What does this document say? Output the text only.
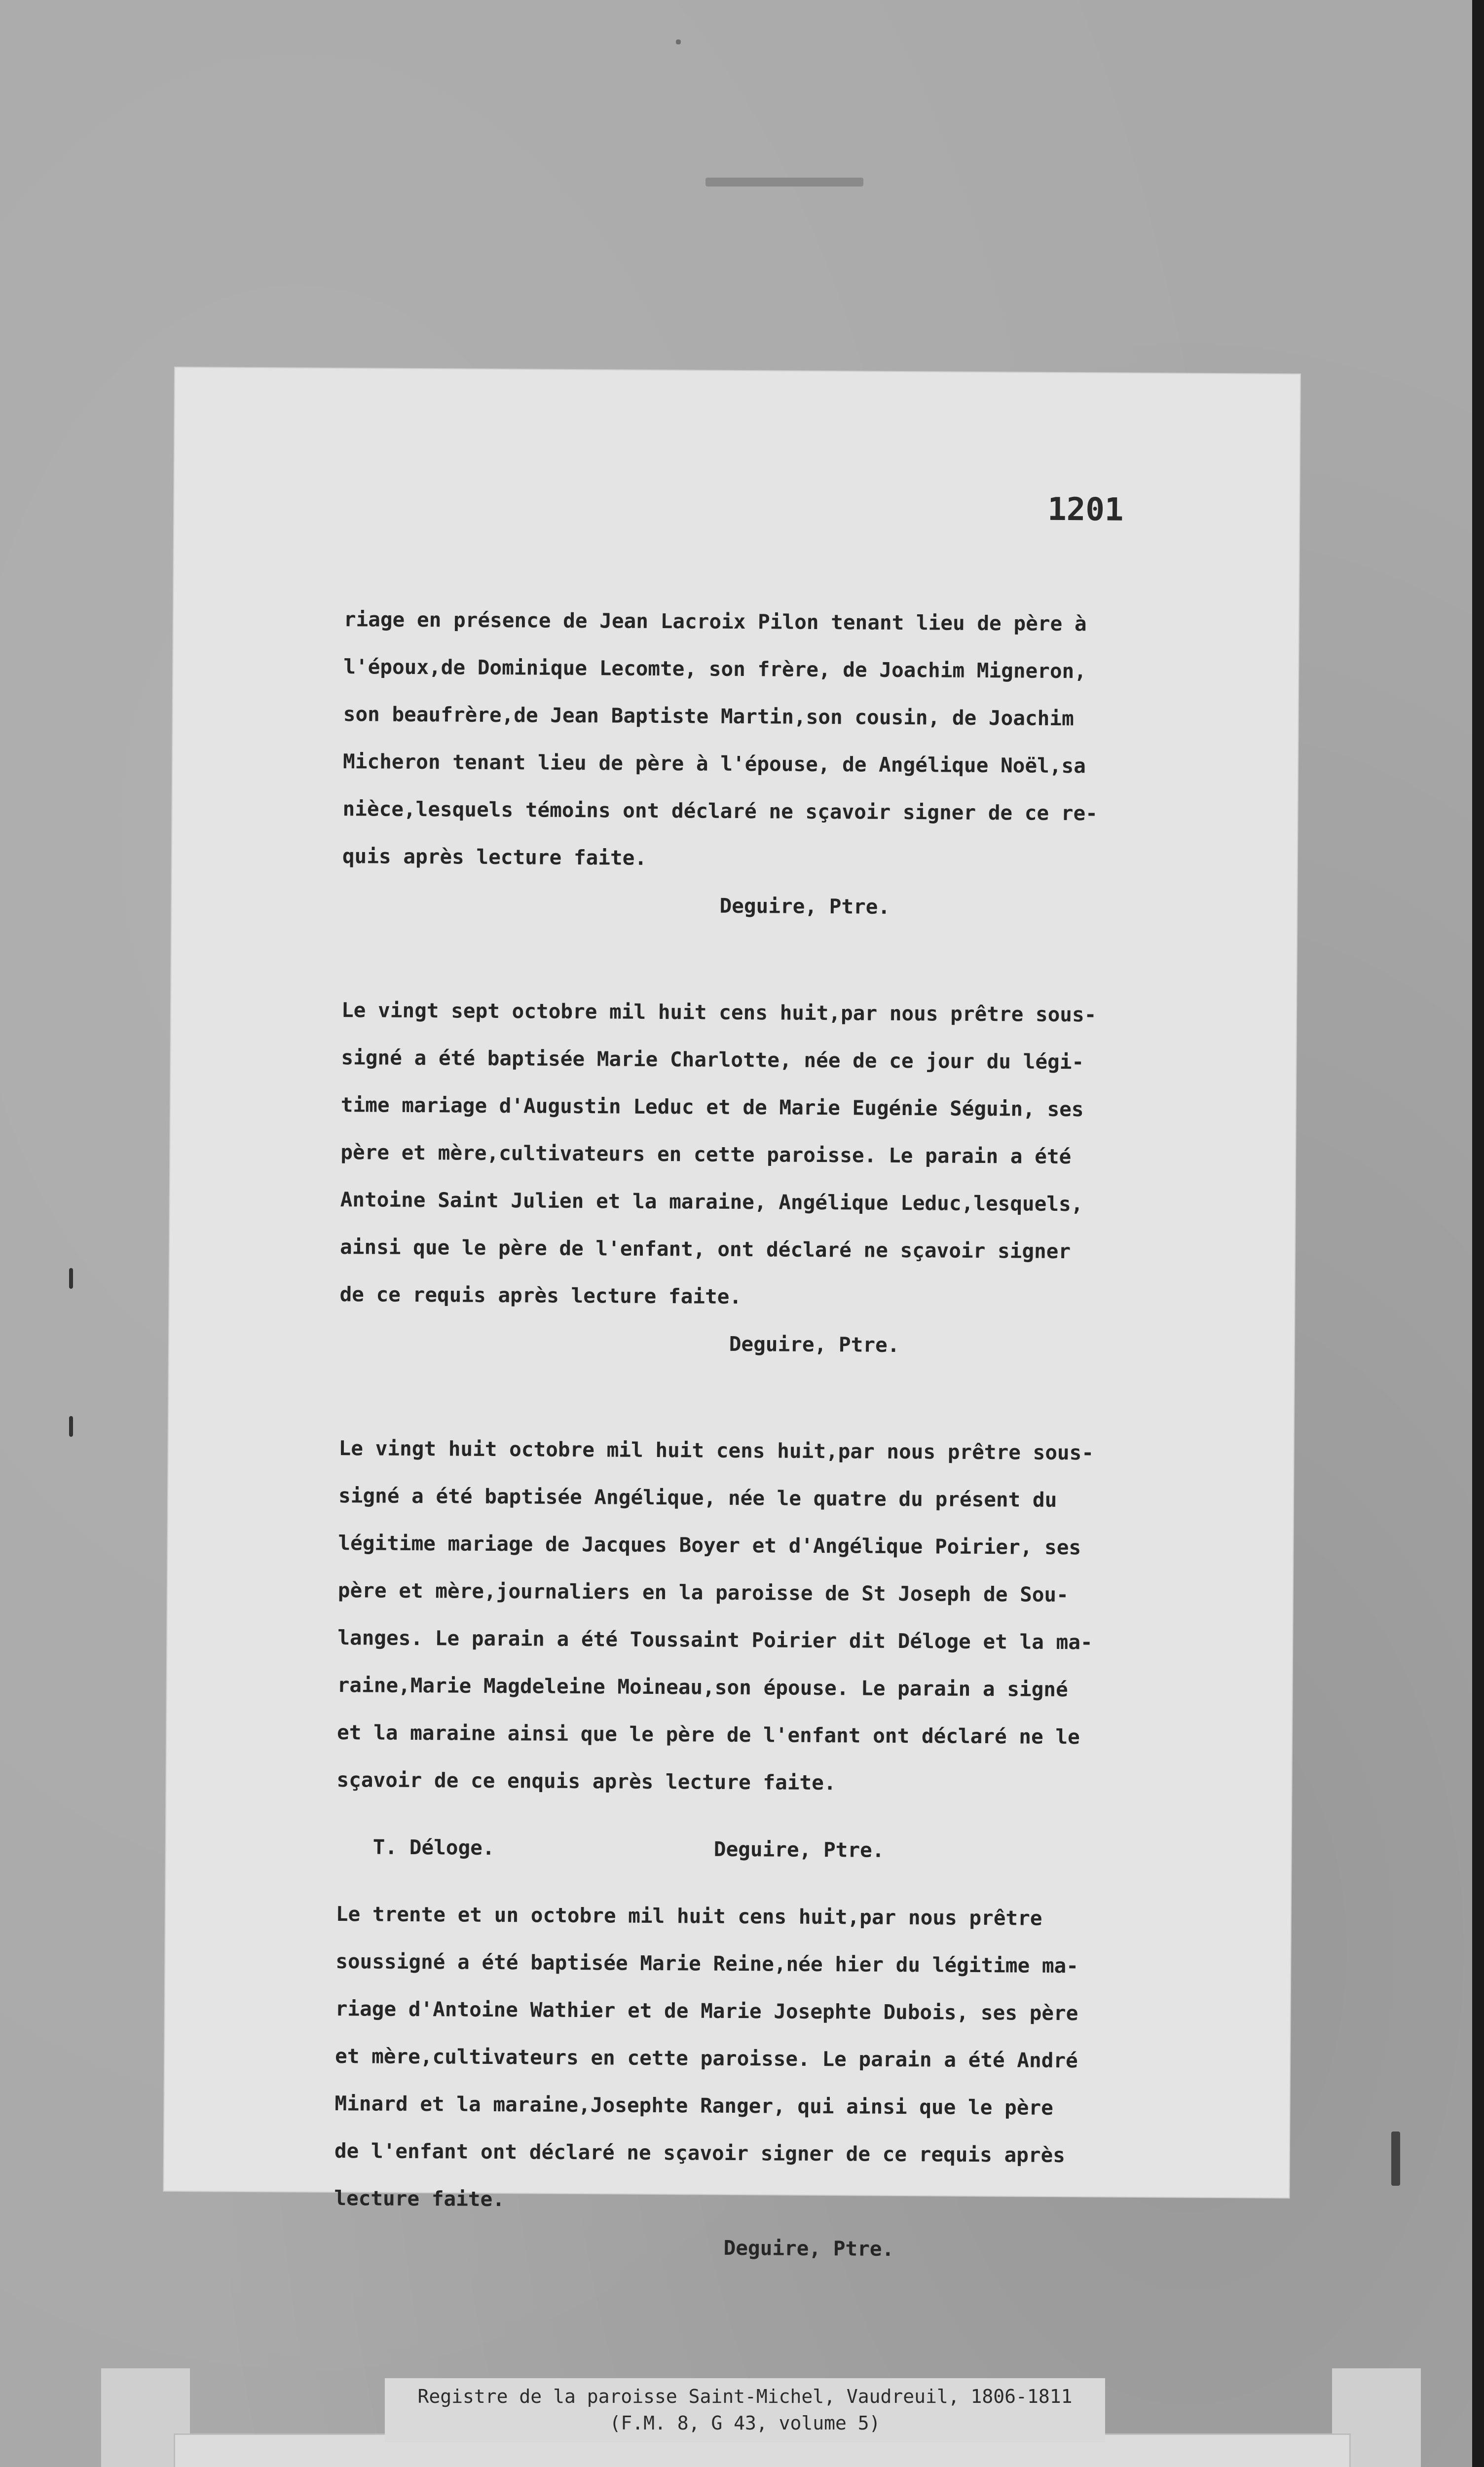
1201
riage en présence de Jean Lacroix Pilon tenant lieu de père à
l'époux,de Dominique Lecomte, son frère, de Joachim Migneron,
son beaufrère,de Jean Baptiste Martin,son cousin, de Joachim
Micheron tenant lieu de père à l'épouse, de Angélique Noël,sa
nièce,lesquels témoins ont déclaré ne sçavoir signer de ce re-
quis après lecture faite.
Deguire, Ptre.
Le vingt sept octobre mil huit cens huit,par nous prêtre sous-
signé a été baptisée Marie Charlotte, née de ce jour du légi-
time mariage d'Augustin Leduc et de Marie Eugénie Séguin, ses
père et mère,cultivateurs en cette paroisse. Le parain a été
Antoine Saint Julien et la maraine, Angélique Leduc,lesquels,
ainsi que le père de l'enfant, ont déclaré ne sçavoir signer
de ce requis après lecture faite.
Deguire, Ptre.
Le vingt huit octobre mil huit cens huit,par nous prêtre sous-
signé a été baptisée Angélique, née le quatre du présent du
légitime mariage de Jacques Boyer et d'Angélique Poirier, ses
père et mère,journaliers en la paroisse de St Joseph de Sou-
langes. Le parain a été Toussaint Poirier dit Déloge et la ma-
raine,Marie Magdeleine Moineau,son épouse. Le parain a signé
et la maraine ainsi que le père de l'enfant ont déclaré ne le
sçavoir de ce enquis après lecture faite.
T. Déloge.                  Deguire, Ptre.
Le trente et un octobre mil huit cens huit,par nous prêtre
soussigné a été baptisée Marie Reine,née hier du légitime ma-
riage d'Antoine Wathier et de Marie Josephte Dubois, ses père
et mère,cultivateurs en cette paroisse. Le parain a été André
Minard et la maraine,Josephte Ranger, qui ainsi que le père
de l'enfant ont déclaré ne sçavoir signer de ce requis après
lecture faite.
Deguire, Ptre.
Registre de la paroisse Saint-Michel, Vaudreuil, 1806-1811
(F.M. 8, G 43, volume 5)
